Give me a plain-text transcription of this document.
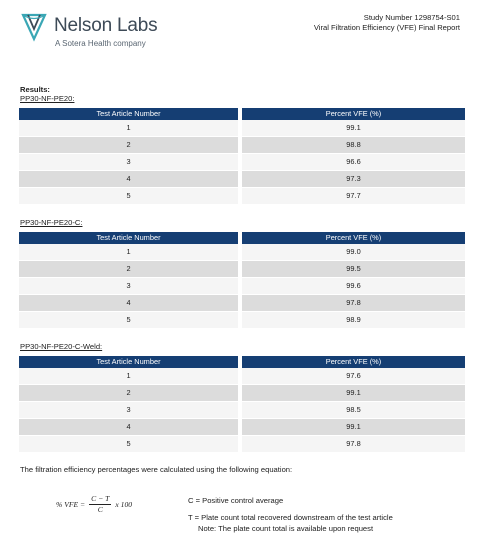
Nelson Labs
A Sotera Health company
Study Number 1298754-S01
Viral Filtration Efficiency (VFE) Final Report
Results:
PP30-NF-PE20:
Test Article Number	Percent VFE (%)
1	99.1
2	98.8
3	96.6
4	97.3
5	97.7
PP30-NF-PE20-C:
Test Article Number	Percent VFE (%)
1	99.0
2	99.5
3	99.6
4	97.8
5	98.9
PP30-NF-PE20-C-Weld:
Test Article Number	Percent VFE (%)
1	97.6
2	99.1
3	98.5
4	99.1
5	97.8
The filtration efficiency percentages were calculated using the following equation:
% VFE = $\frac{C - T}{C}$ x 100	C = Positive control average
T = Plate count total recovered downstream of the test article
Note: The plate count total is available upon request
